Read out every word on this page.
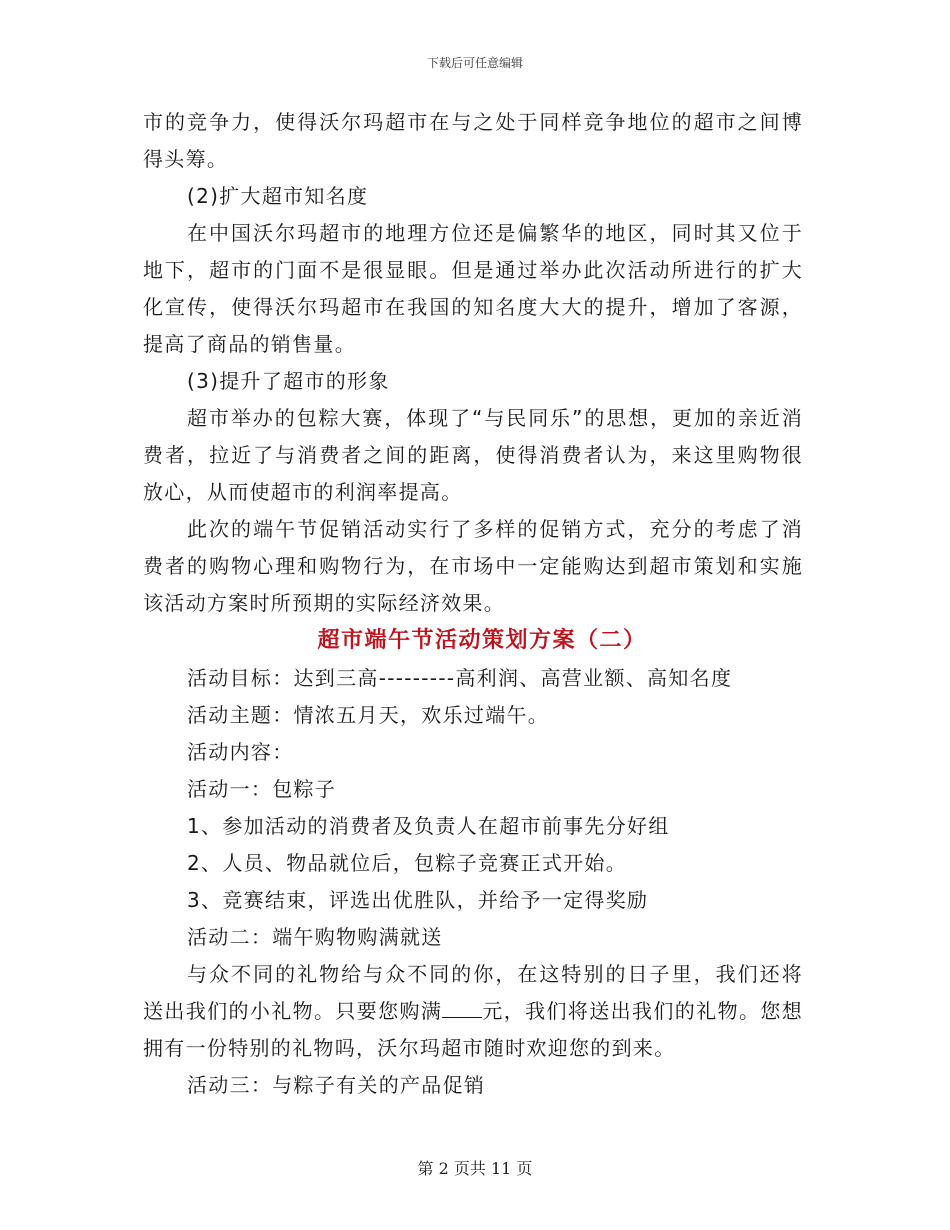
下载后可任意编辑

市的竞争力，使得沃尔玛超市在与之处于同样竞争地位的超市之间博得头筹。

(2)扩大超市知名度

在中国沃尔玛超市的地理方位还是偏繁华的地区，同时其又位于地下，超市的门面不是很显眼。但是通过举办此次活动所进行的扩大化宣传，使得沃尔玛超市在我国的知名度大大的提升，增加了客源，提高了商品的销售量。

(3)提升了超市的形象

超市举办的包粽大赛，体现了“与民同乐”的思想，更加的亲近消费者，拉近了与消费者之间的距离，使得消费者认为，来这里购物很放心，从而使超市的利润率提高。

此次的端午节促销活动实行了多样的促销方式，充分的考虑了消费者的购物心理和购物行为，在市场中一定能购达到超市策划和实施该活动方案时所预期的实际经济效果。

超市端午节活动策划方案（二）

活动目标：达到三高---------高利润、高营业额、高知名度

活动主题：情浓五月天，欢乐过端午。

活动内容：

活动一：包粽子

1、参加活动的消费者及负责人在超市前事先分好组

2、人员、物品就位后，包粽子竞赛正式开始。

3、竞赛结束，评选出优胜队，并给予一定得奖励

活动二：端午购物购满就送

与众不同的礼物给与众不同的你，在这特别的日子里，我们还将送出我们的小礼物。只要您购满 元，我们将送出我们的礼物。您想拥有一份特别的礼物吗，沃尔玛超市随时欢迎您的到来。

活动三：与粽子有关的产品促销

第 2 页共 11 页
